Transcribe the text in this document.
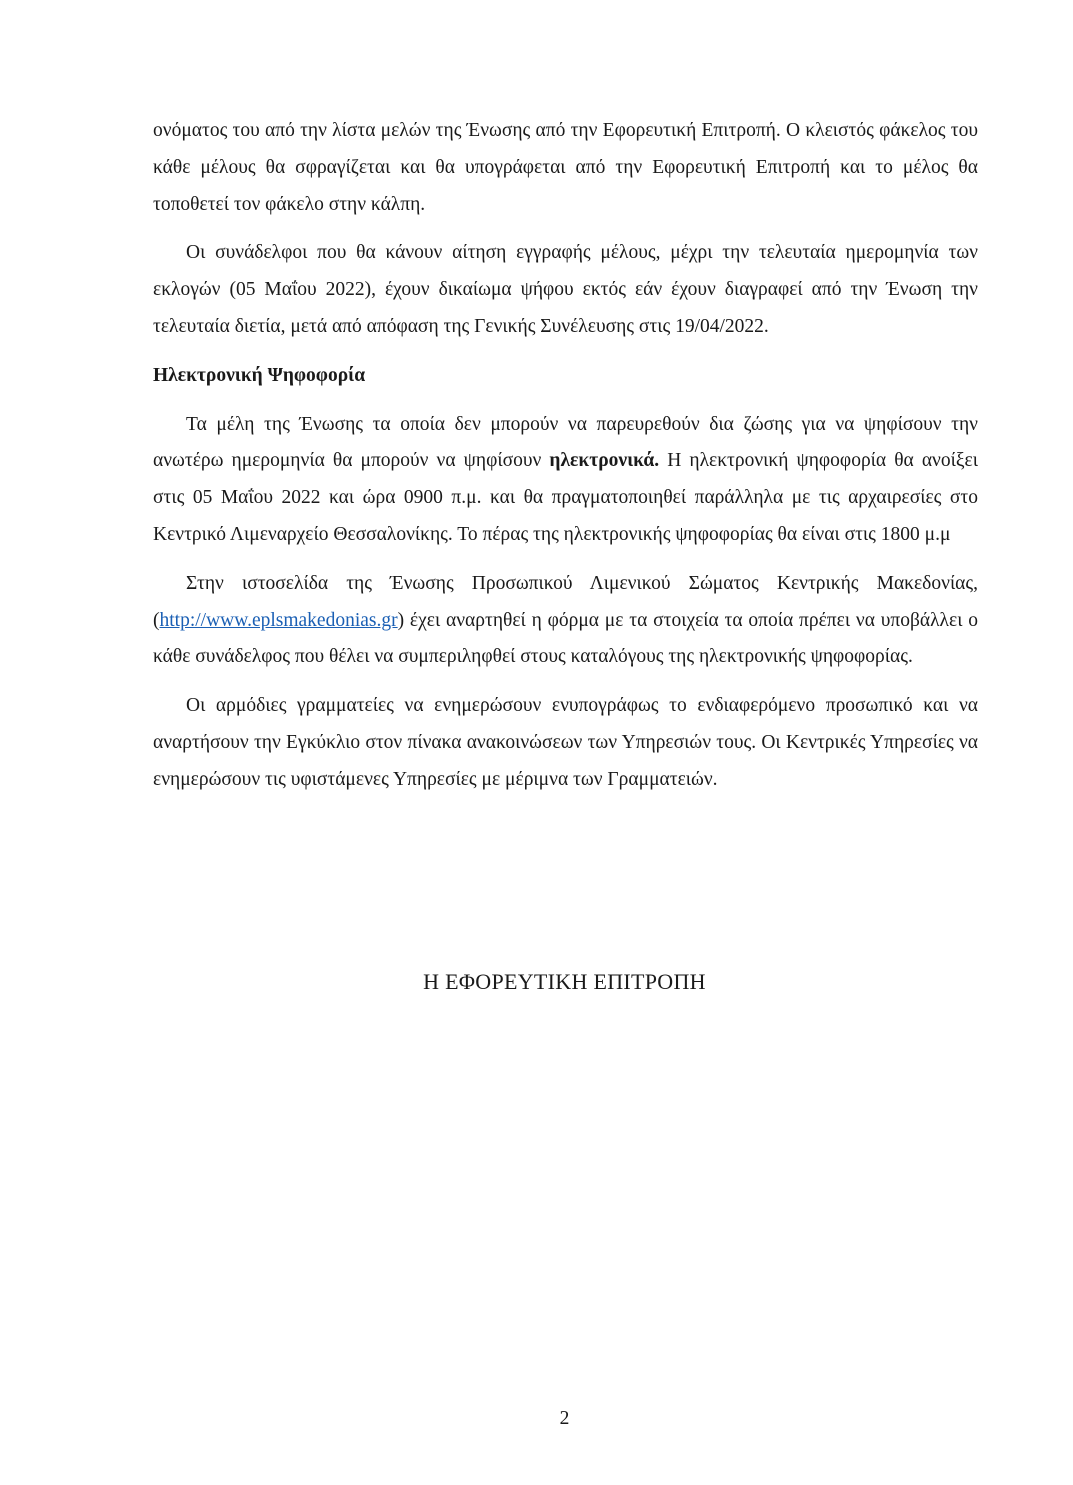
ονόματος του από την λίστα μελών της Ένωσης από την Εφορευτική Επιτροπή. Ο κλειστός φάκελος του κάθε μέλους θα σφραγίζεται και θα υπογράφεται από την Εφορευτική Επιτροπή και το μέλος θα τοποθετεί τον φάκελο στην κάλπη.

Οι συνάδελφοι που θα κάνουν αίτηση εγγραφής μέλους, μέχρι την τελευταία ημερομηνία των εκλογών (05 Μαΐου 2022), έχουν δικαίωμα ψήφου εκτός εάν έχουν διαγραφεί από την Ένωση την τελευταία διετία, μετά από απόφαση της Γενικής Συνέλευσης στις 19/04/2022.

Ηλεκτρονική Ψηφοφορία

Τα μέλη της Ένωσης τα οποία δεν μπορούν να παρευρεθούν δια ζώσης για να ψηφίσουν την ανωτέρω ημερομηνία θα μπορούν να ψηφίσουν ηλεκτρονικά. Η ηλεκτρονική ψηφοφορία θα ανοίξει στις 05 Μαΐου 2022 και ώρα 0900 π.μ. και θα πραγματοποιηθεί παράλληλα με τις αρχαιρεσίες στο Κεντρικό Λιμεναρχείο Θεσσαλονίκης. Το πέρας της ηλεκτρονικής ψηφοφορίας θα είναι στις 1800 μ.μ

Στην ιστοσελίδα της Ένωσης Προσωπικού Λιμενικού Σώματος Κεντρικής Μακεδονίας, (http://www.eplsmakedonias.gr) έχει αναρτηθεί η φόρμα με τα στοιχεία τα οποία πρέπει να υποβάλλει ο κάθε συνάδελφος που θέλει να συμπεριληφθεί στους καταλόγους της ηλεκτρονικής ψηφοφορίας.

Οι αρμόδιες γραμματείες να ενημερώσουν ενυπογράφως το ενδιαφερόμενο προσωπικό και να αναρτήσουν την Εγκύκλιο στον πίνακα ανακοινώσεων των Υπηρεσιών τους. Οι Κεντρικές Υπηρεσίες να ενημερώσουν τις υφιστάμενες Υπηρεσίες με μέριμνα των Γραμματειών.

Η ΕΦΟΡΕΥΤΙΚΗ ΕΠΙΤΡΟΠΗ
2
